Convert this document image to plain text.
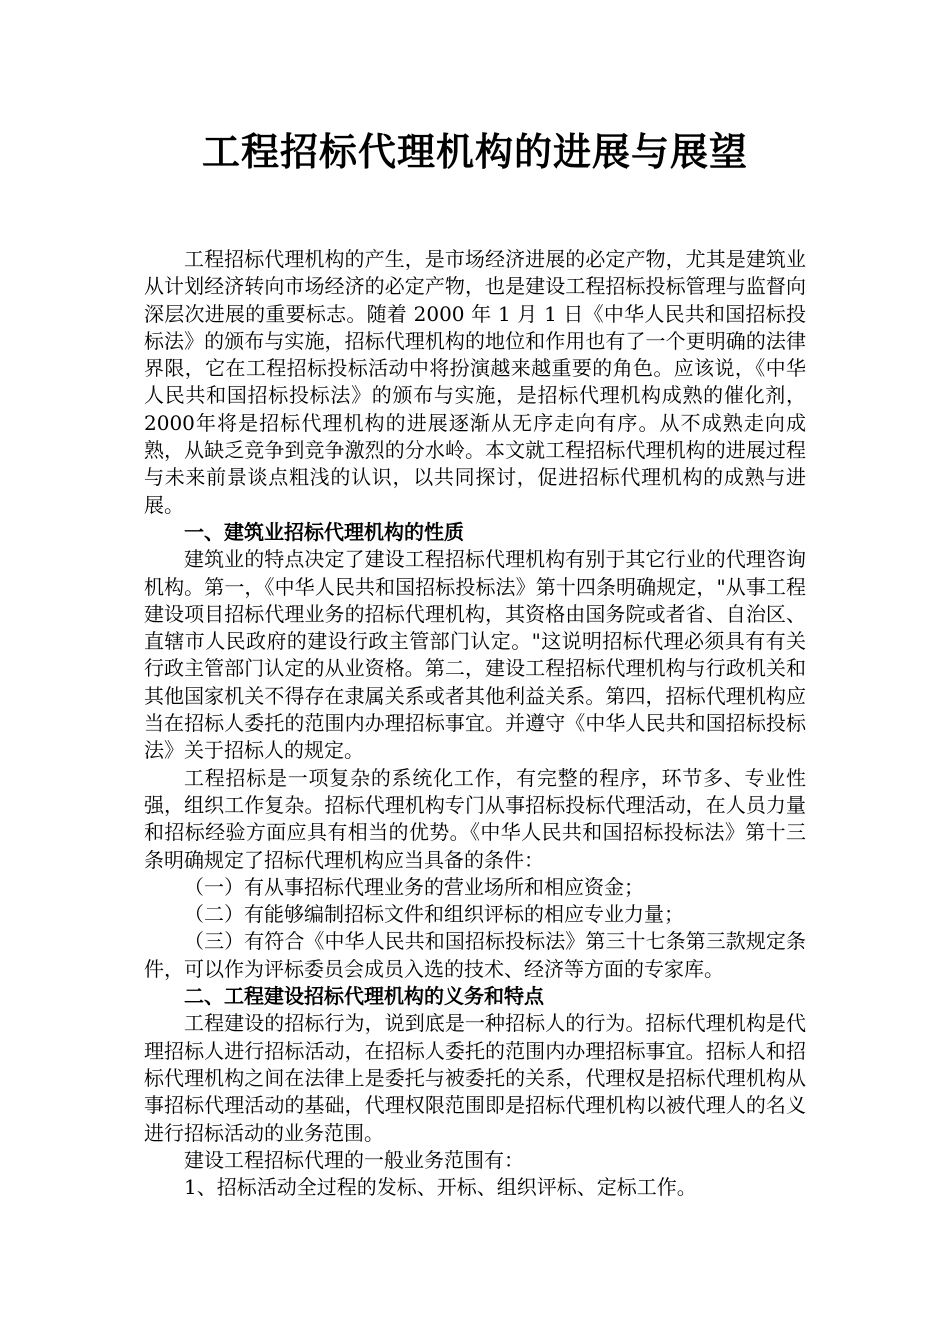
工程招标代理机构的进展与展望

工程招标代理机构的产生，是市场经济进展的必定产物，尤其是建筑业从计划经济转向市场经济的必定产物，也是建设工程招标投标管理与监督向深层次进展的重要标志。随着 2000 年 1 月 1 日《中华人民共和国招标投标法》的颁布与实施，招标代理机构的地位和作用也有了一个更明确的法律界限，它在工程招标投标活动中将扮演越来越重要的角色。应该说，《中华人民共和国招标投标法》的颁布与实施，是招标代理机构成熟的催化剂，2000年将是招标代理机构的进展逐渐从无序走向有序。从不成熟走向成熟，从缺乏竞争到竞争激烈的分水岭。本文就工程招标代理机构的进展过程与未来前景谈点粗浅的认识，以共同探讨，促进招标代理机构的成熟与进展。

一、建筑业招标代理机构的性质

建筑业的特点决定了建设工程招标代理机构有别于其它行业的代理咨询机构。第一，《中华人民共和国招标投标法》第十四条明确规定，"从事工程建设项目招标代理业务的招标代理机构，其资格由国务院或者省、自治区、直辖市人民政府的建设行政主管部门认定。"这说明招标代理必须具有有关行政主管部门认定的从业资格。第二，建设工程招标代理机构与行政机关和其他国家机关不得存在隶属关系或者其他利益关系。第四，招标代理机构应当在招标人委托的范围内办理招标事宜。并遵守《中华人民共和国招标投标法》关于招标人的规定。

工程招标是一项复杂的系统化工作，有完整的程序，环节多、专业性强，组织工作复杂。招标代理机构专门从事招标投标代理活动，在人员力量和招标经验方面应具有相当的优势。《中华人民共和国招标投标法》第十三条明确规定了招标代理机构应当具备的条件：

（一）有从事招标代理业务的营业场所和相应资金；

（二）有能够编制招标文件和组织评标的相应专业力量；

（三）有符合《中华人民共和国招标投标法》第三十七条第三款规定条件，可以作为评标委员会成员入选的技术、经济等方面的专家库。

二、工程建设招标代理机构的义务和特点

工程建设的招标行为，说到底是一种招标人的行为。招标代理机构是代理招标人进行招标活动，在招标人委托的范围内办理招标事宜。招标人和招标代理机构之间在法律上是委托与被委托的关系，代理权是招标代理机构从事招标代理活动的基础，代理权限范围即是招标代理机构以被代理人的名义进行招标活动的业务范围。

建设工程招标代理的一般业务范围有：

1、招标活动全过程的发标、开标、组织评标、定标工作。
